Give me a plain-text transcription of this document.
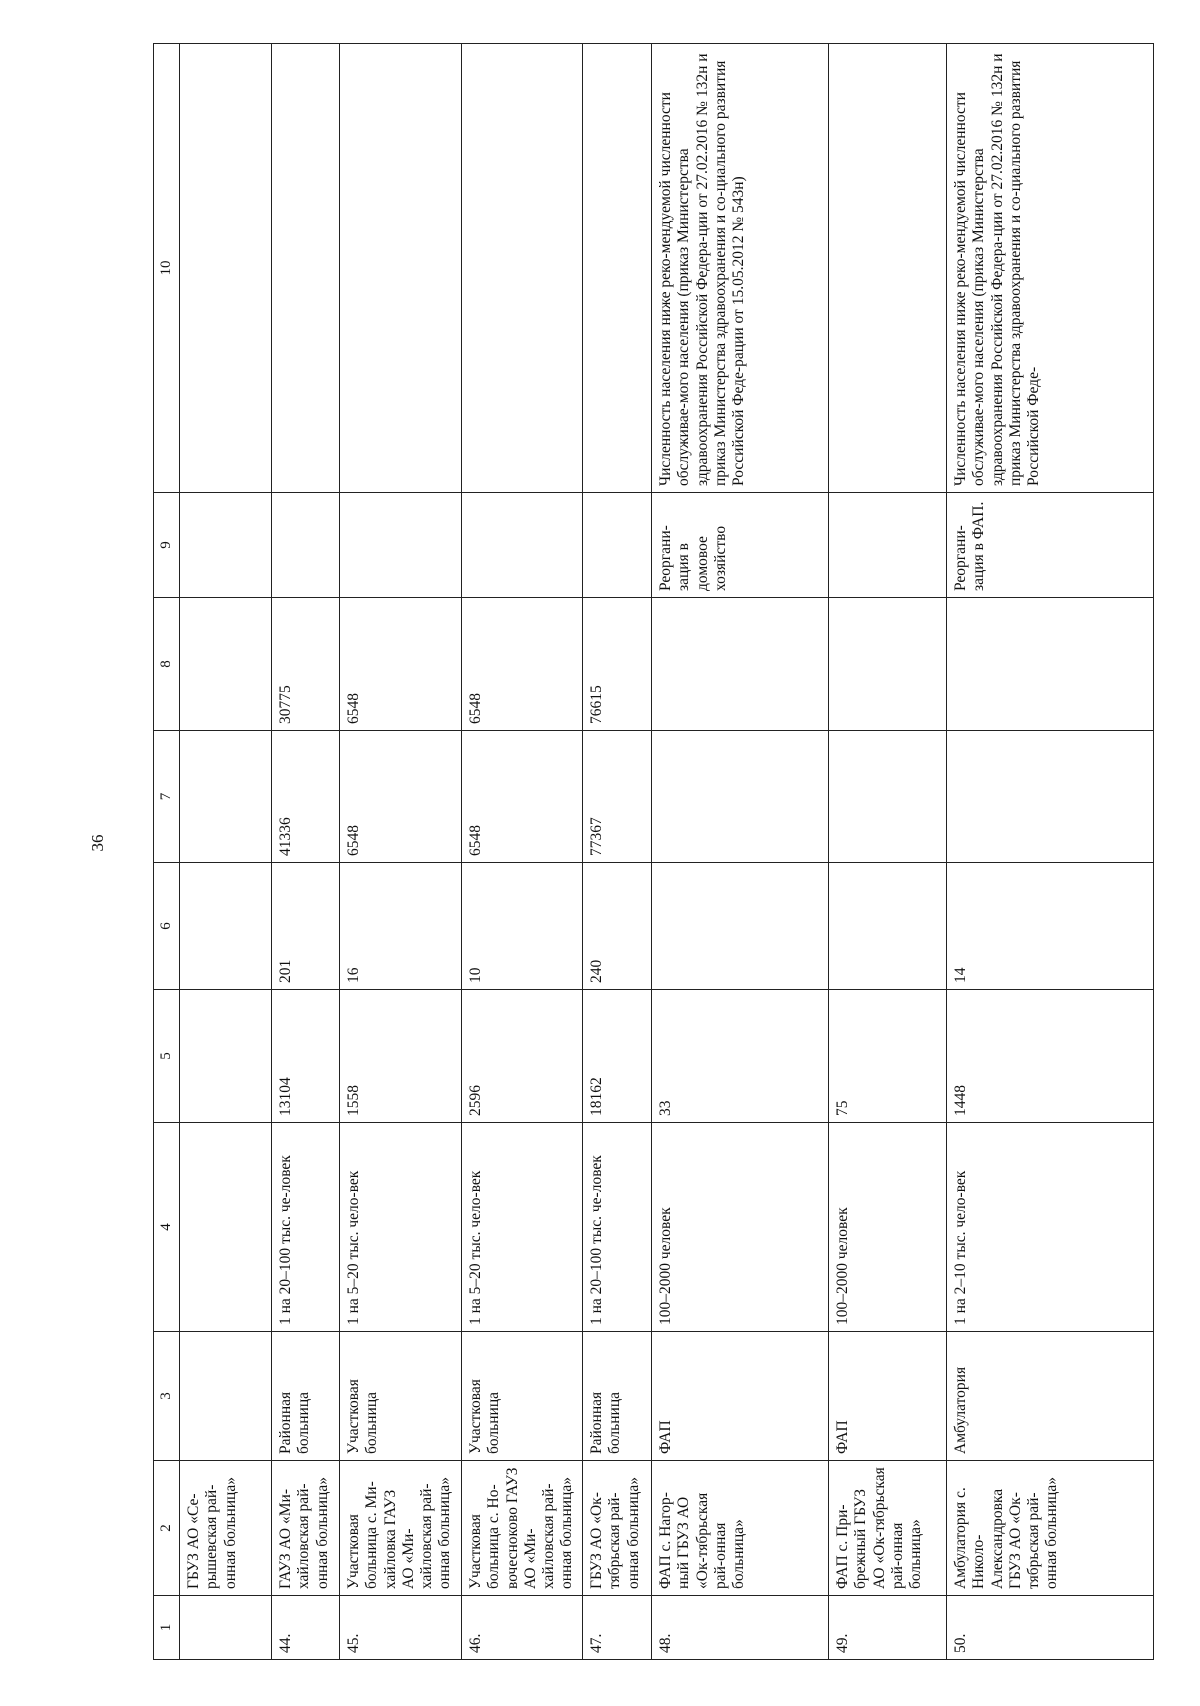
36
1	2	3	4	5	6	7	8	9	10
	ГБУЗ АО «Се-рышевская рай-онная больница»								
44.	ГАУЗ АО «Ми-хайловская рай-онная больница»	Районная больница	1 на 20–100 тыс. че-ловек	13104	201	41336	30775		
45.	Участковая больница с. Ми-хайловка ГАУЗ АО «Ми-хайловская рай-онная больница»	Участковая больница	1 на 5–20 тыс. чело-век	1558	16	6548	6548		
46.	Участковая больница с. Но-вочесноково ГАУЗ АО «Ми-хайловская рай-онная больница»	Участковая больница	1 на 5–20 тыс. чело-век	2596	10	6548	6548		
47.	ГБУЗ АО «Ок-тябрьская рай-онная больница»	Районная больница	1 на 20–100 тыс. че-ловек	18162	240	77367	76615		
48.	ФАП с. Нагор-ный ГБУЗ АО «Ок-тябрьская рай-онная больница»	ФАП	100–2000 человек	33				Реоргани-зация в домовое хозяйство	Численность населения ниже реко-мендуемой численности обслуживае-мого населения (приказ Министерства здравоохранения Российской Федера-ции от 27.02.2016 № 132н и приказ Министерства здравоохранения и со-циального развития Российской Феде-рации от 15.05.2012 № 543н)
49.	ФАП с. При-брежный ГБУЗ АО «Ок-тябрьская рай-онная больница»	ФАП	100–2000 человек	75					
50.	Амбулатория с. Николо-Александровка ГБУЗ АО «Ок-тябрьская рай-онная больница»	Амбулатория	1 на 2–10 тыс. чело-век	1448	14			Реоргани-зация в ФАП.	Численность населения ниже реко-мендуемой численности обслуживае-мого населения (приказ Министерства здравоохранения Российской Федера-ции от 27.02.2016 № 132н и приказ Министерства здравоохранения и со-циального развития Российской Феде-
